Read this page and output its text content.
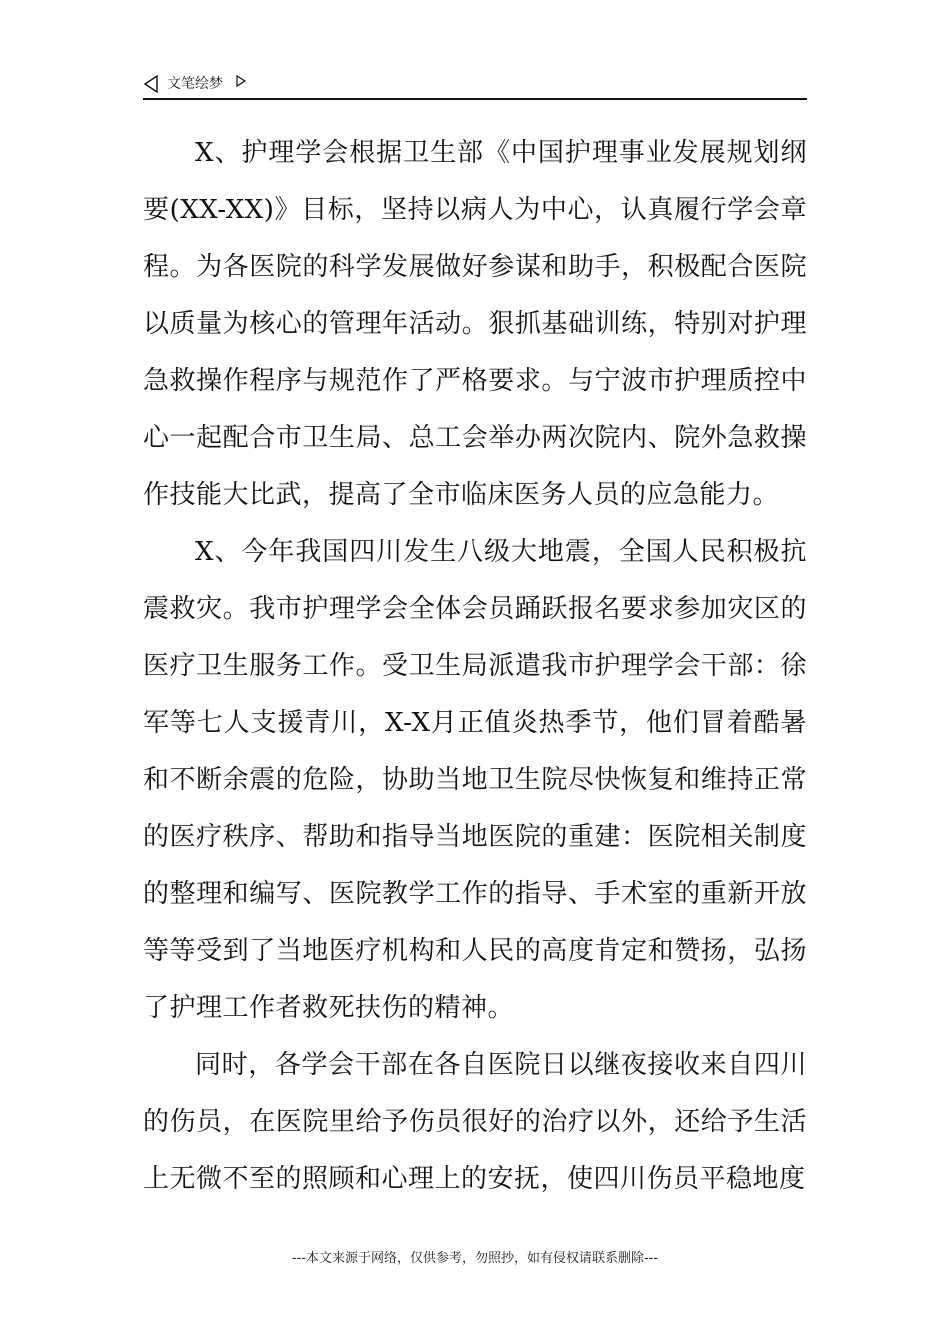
文笔绘梦

X、护理学会根据卫生部《中国护理事业发展规划纲要(XX-XX)》目标，坚持以病人为中心，认真履行学会章程。为各医院的科学发展做好参谋和助手，积极配合医院以质量为核心的管理年活动。狠抓基础训练，特别对护理急救操作程序与规范作了严格要求。与宁波市护理质控中心一起配合市卫生局、总工会举办两次院内、院外急救操作技能大比武，提高了全市临床医务人员的应急能力。

X、今年我国四川发生八级大地震，全国人民积极抗震救灾。我市护理学会全体会员踊跃报名要求参加灾区的医疗卫生服务工作。受卫生局派遣我市护理学会干部：徐军等七人支援青川，X-X月正值炎热季节，他们冒着酷暑和不断余震的危险，协助当地卫生院尽快恢复和维持正常的医疗秩序、帮助和指导当地医院的重建：医院相关制度的整理和编写、医院教学工作的指导、手术室的重新开放等等受到了当地医疗机构和人民的高度肯定和赞扬，弘扬了护理工作者救死扶伤的精神。

同时，各学会干部在各自医院日以继夜接收来自四川的伤员，在医院里给予伤员很好的治疗以外，还给予生活上无微不至的照顾和心理上的安抚，使四川伤员平稳地度

---本文来源于网络，仅供参考，勿照抄，如有侵权请联系删除---
